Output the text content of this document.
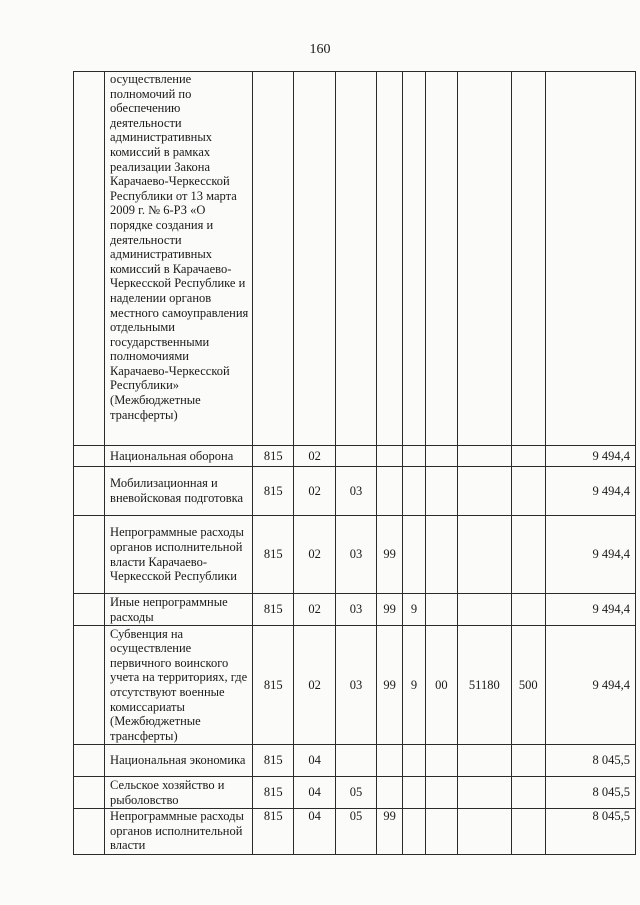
160
	осуществление полномочий по обеспечению деятельности административных комиссий в рамках реализации Закона Карачаево-Черкесской Республики от 13 марта 2009 г. № 6-РЗ «О порядке создания и деятельности административных комиссий в Карачаево-Черкесской Республике и наделении органов местного самоуправления отдельными государственными полномочиями Карачаево-Черкесской Республики» (Межбюджетные трансферты)									
	Национальная оборона	815	02							9 494,4
	Мобилизационная и вневойсковая подготовка	815	02	03						9 494,4
	Непрограммные расходы органов исполнительной власти Карачаево-Черкесской Республики	815	02	03	99					9 494,4
	Иные непрограммные расходы	815	02	03	99	9				9 494,4
	Субвенция на осуществление первичного воинского учета на территориях, где отсутствуют военные комиссариаты (Межбюджетные трансферты)	815	02	03	99	9	00	51180	500	9 494,4
	Национальная экономика	815	04							8 045,5
	Сельское хозяйство и рыболовство	815	04	05						8 045,5

	Непрограммные расходы органов исполнительной власти	815	04	05	99					8 045,5
